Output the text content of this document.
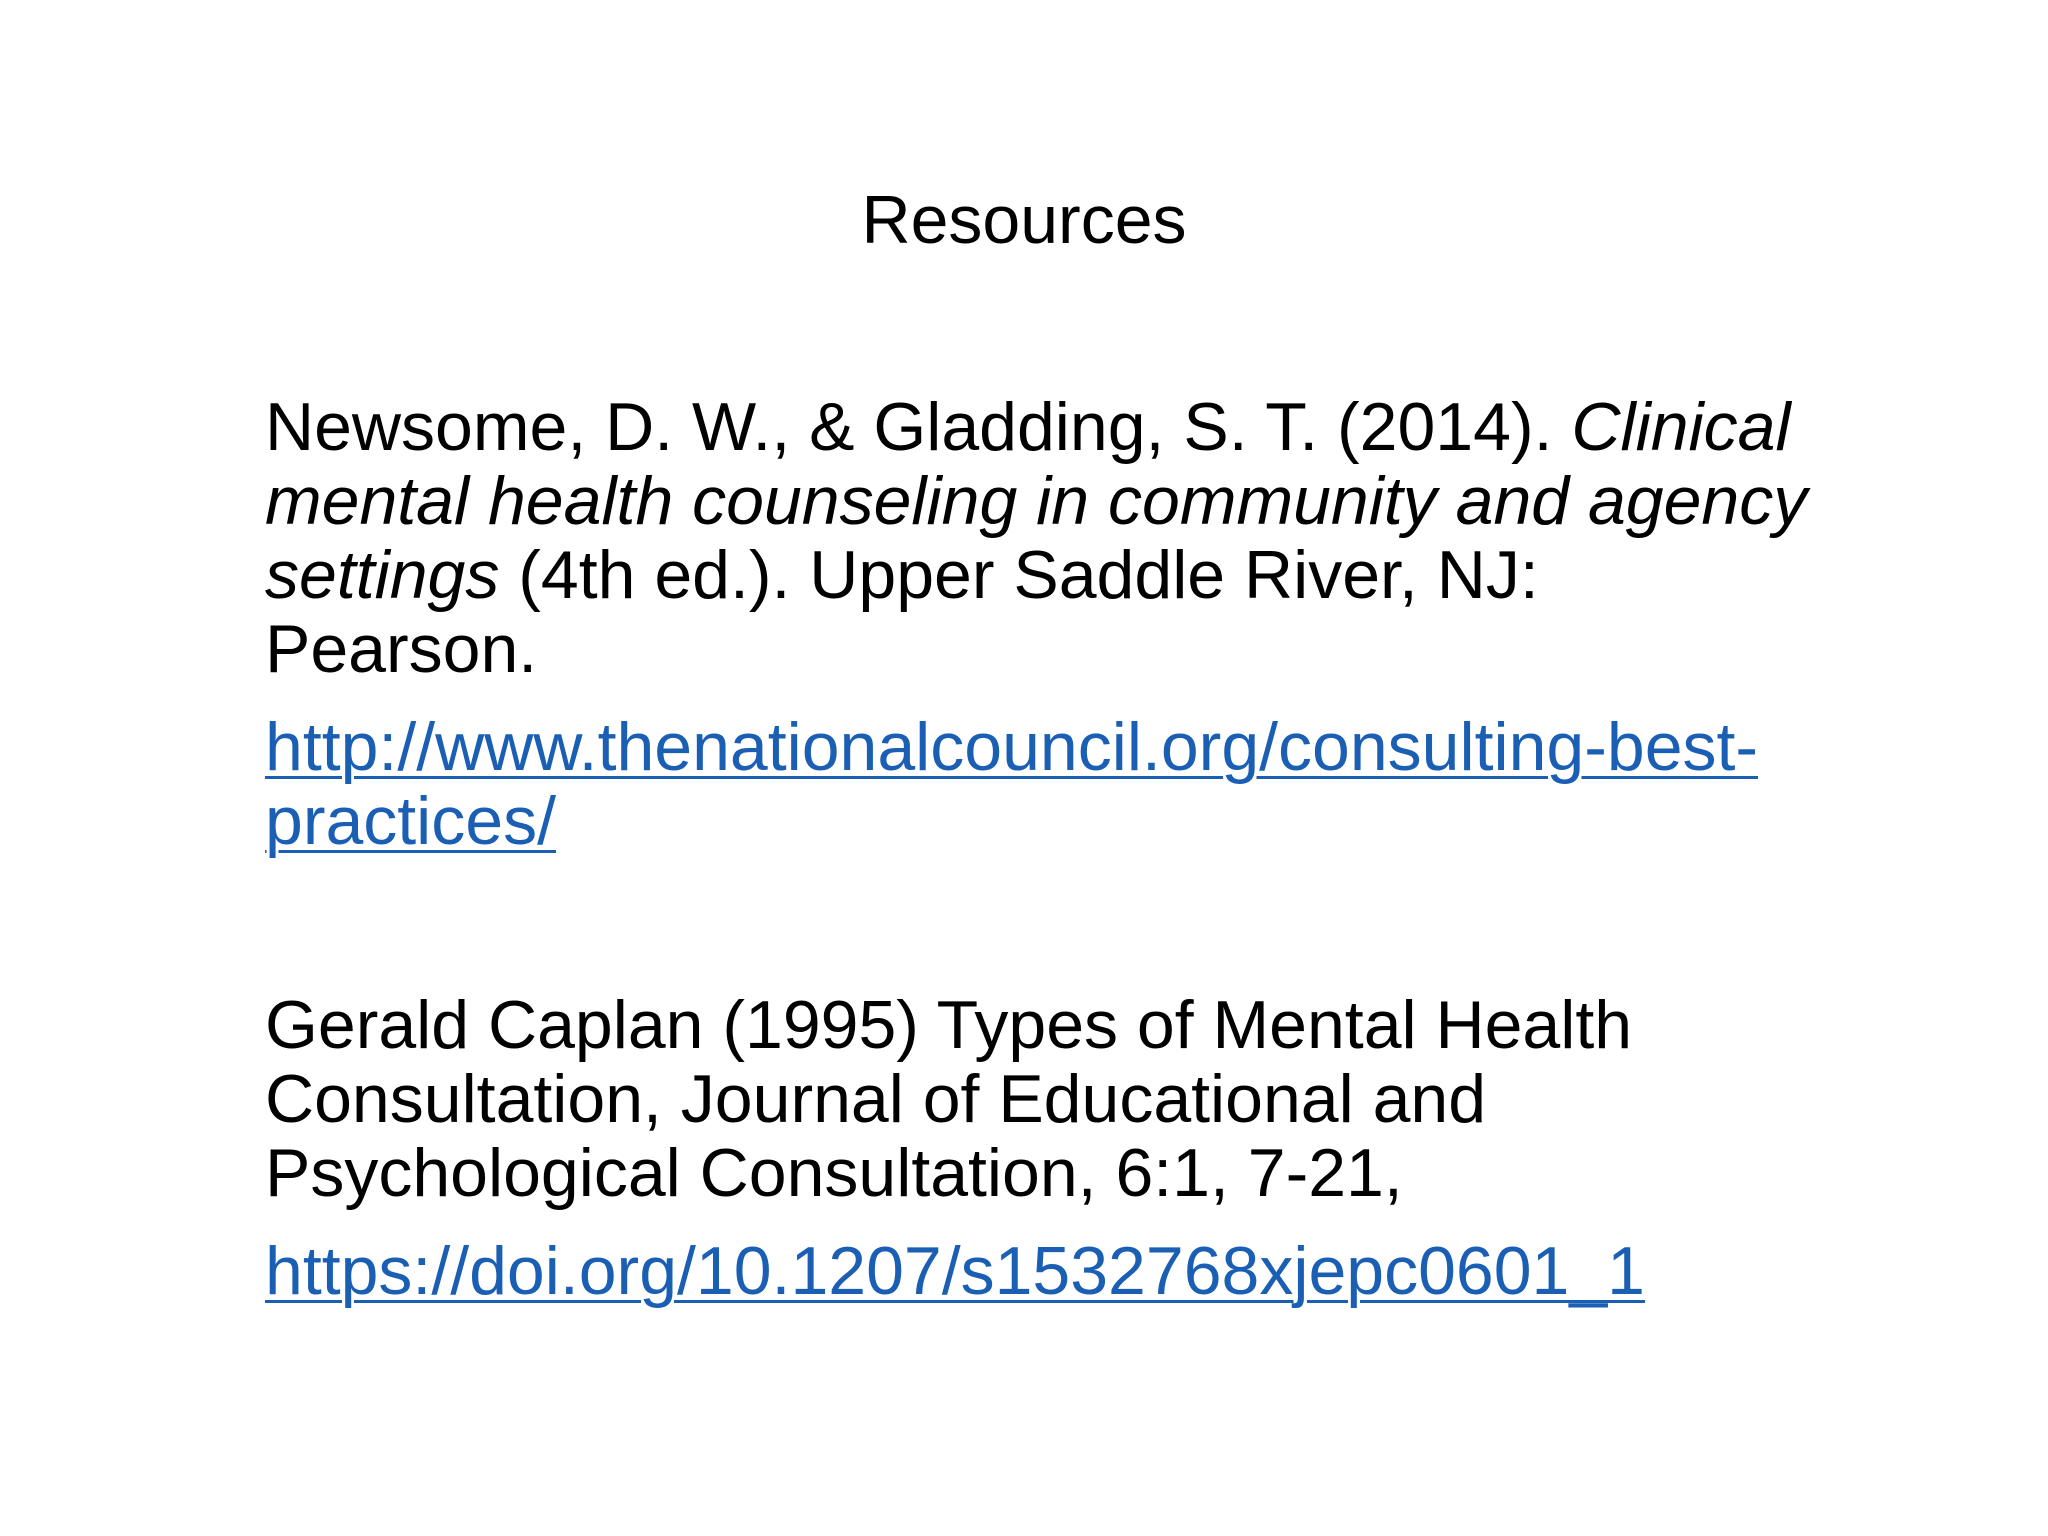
Resources

Newsome, D. W., & Gladding, S. T. (2014). Clinical mental health counseling in community and agency settings (4th ed.). Upper Saddle River, NJ:
Pearson.

http://www.thenationalcouncil.org/consulting-best-
practices/

Gerald Caplan (1995) Types of Mental Health
Consultation, Journal of Educational and
Psychological Consultation, 6:1, 7-21,

https://doi.org/10.1207/s1532768xjepc0601_1
